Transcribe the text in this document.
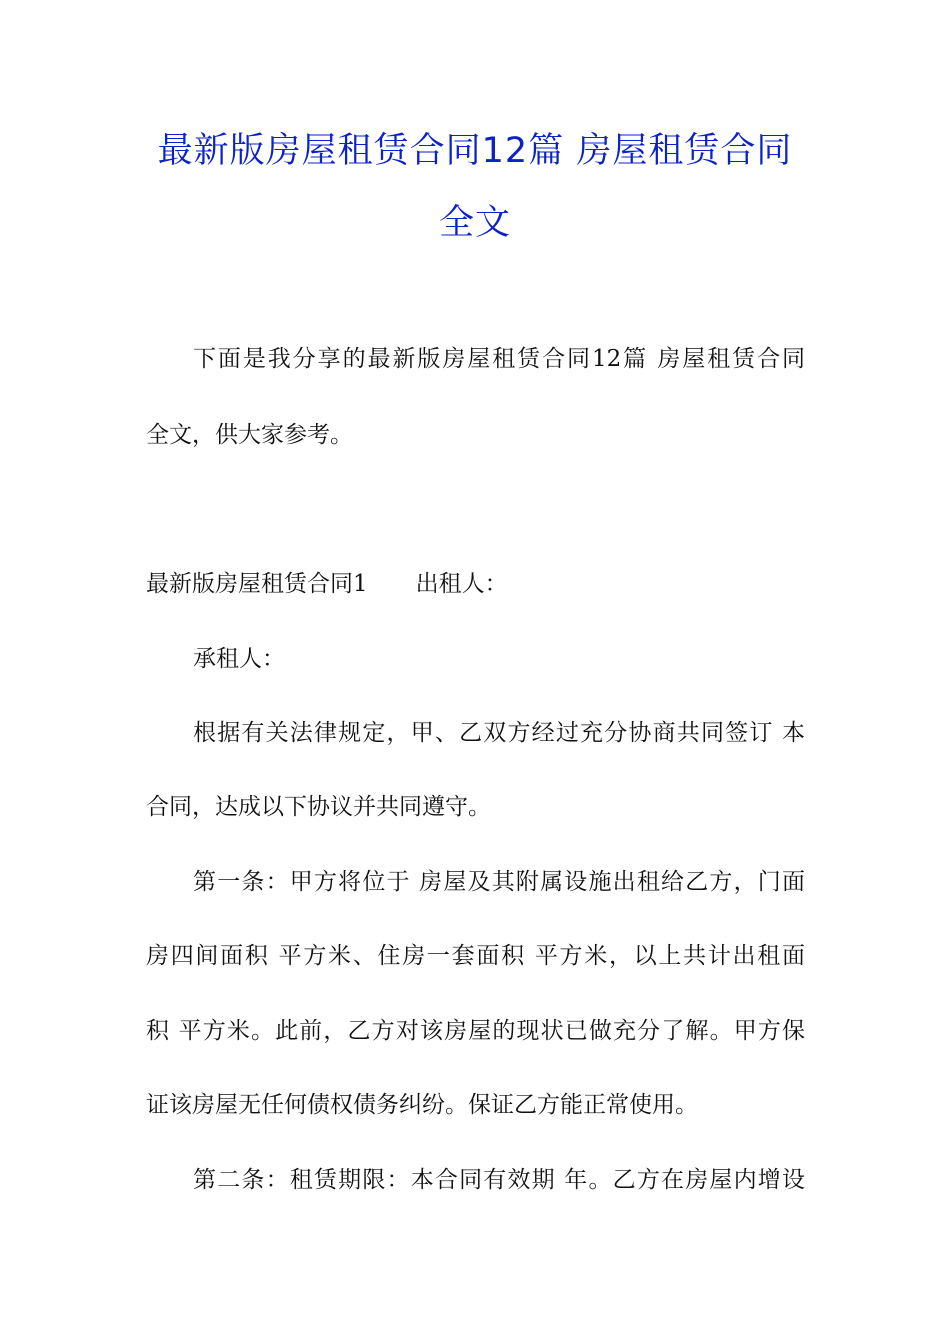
最新版房屋租赁合同12篇 房屋租赁合同
全文

下面是我分享的最新版房屋租赁合同12篇 房屋租赁合同

全文，供大家参考。

最新版房屋租赁合同1 出租人：

承租人：

根据有关法律规定，甲、乙双方经过充分协商共同签订 本

合同，达成以下协议并共同遵守。

第一条：甲方将位于 房屋及其附属设施出租给乙方，门面

房四间面积 平方米、住房一套面积 平方米，以上共计出租面

积 平方米。此前，乙方对该房屋的现状已做充分了解。甲方保

证该房屋无任何债权债务纠纷。保证乙方能正常使用。

第二条：租赁期限：本合同有效期 年。乙方在房屋内增设
